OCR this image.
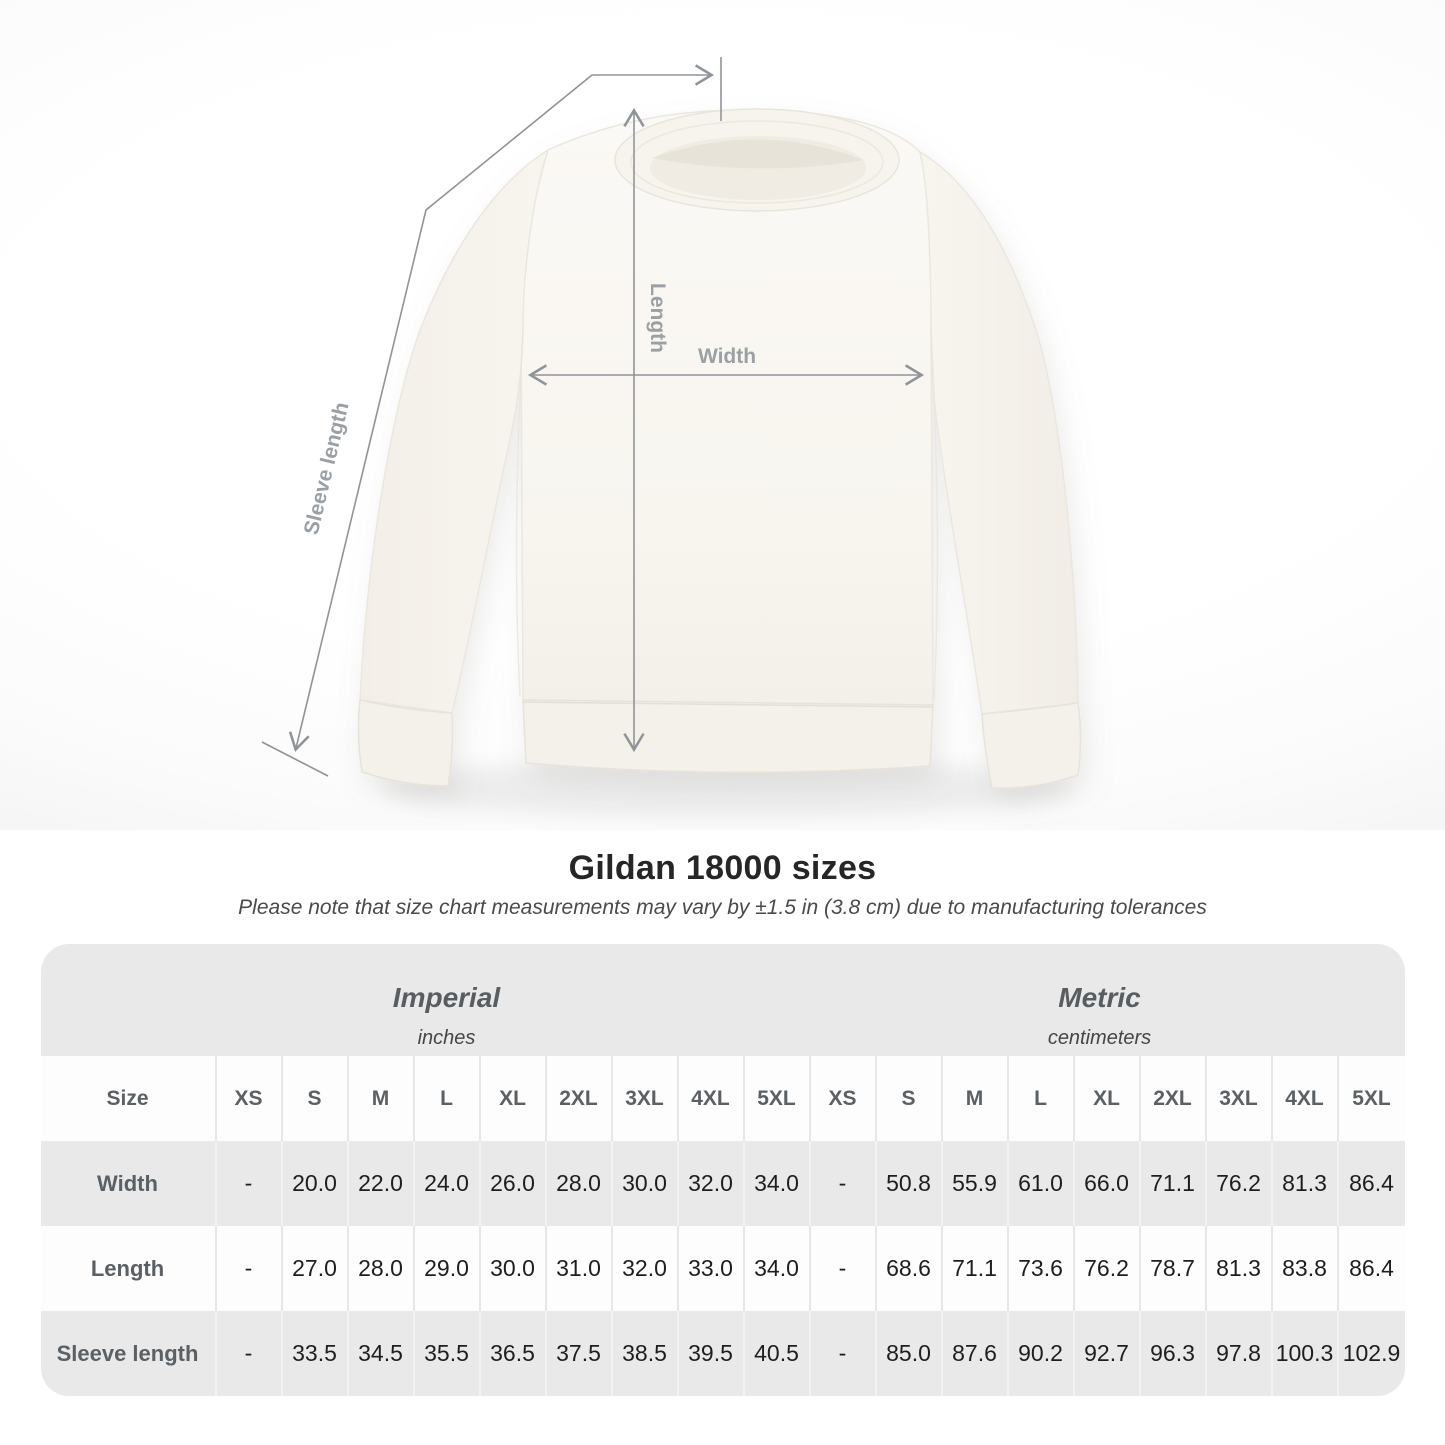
Width
Length
Sleeve length
Gildan 18000 sizes

Please note that size chart measurements may vary by ±1.5 in (3.8 cm) due to manufacturing tolerances

Imperial
inches
Metric
centimeters
Size	XS	S	M	L	XL	2XL	3XL	4XL	5XL	XS	S	M	L	XL	2XL	3XL	4XL	5XL
Width	-	20.0 22.0 24.0 26.0 28.0 30.0 32.0 34.0	-	50.8 55.9 61.0 66.0 71.1 76.2 81.3 86.4
Length	-	27.0 28.0 29.0 30.0 31.0 32.0 33.0 34.0	-	68.6 71.1 73.6 76.2 78.7 81.3 83.8 86.4
Sleeve length	-	33.5 34.5 35.5 36.5 37.5 38.5 39.5 40.5	-	85.0 87.6 90.2 92.7 96.3 97.8 100.3 102.9
